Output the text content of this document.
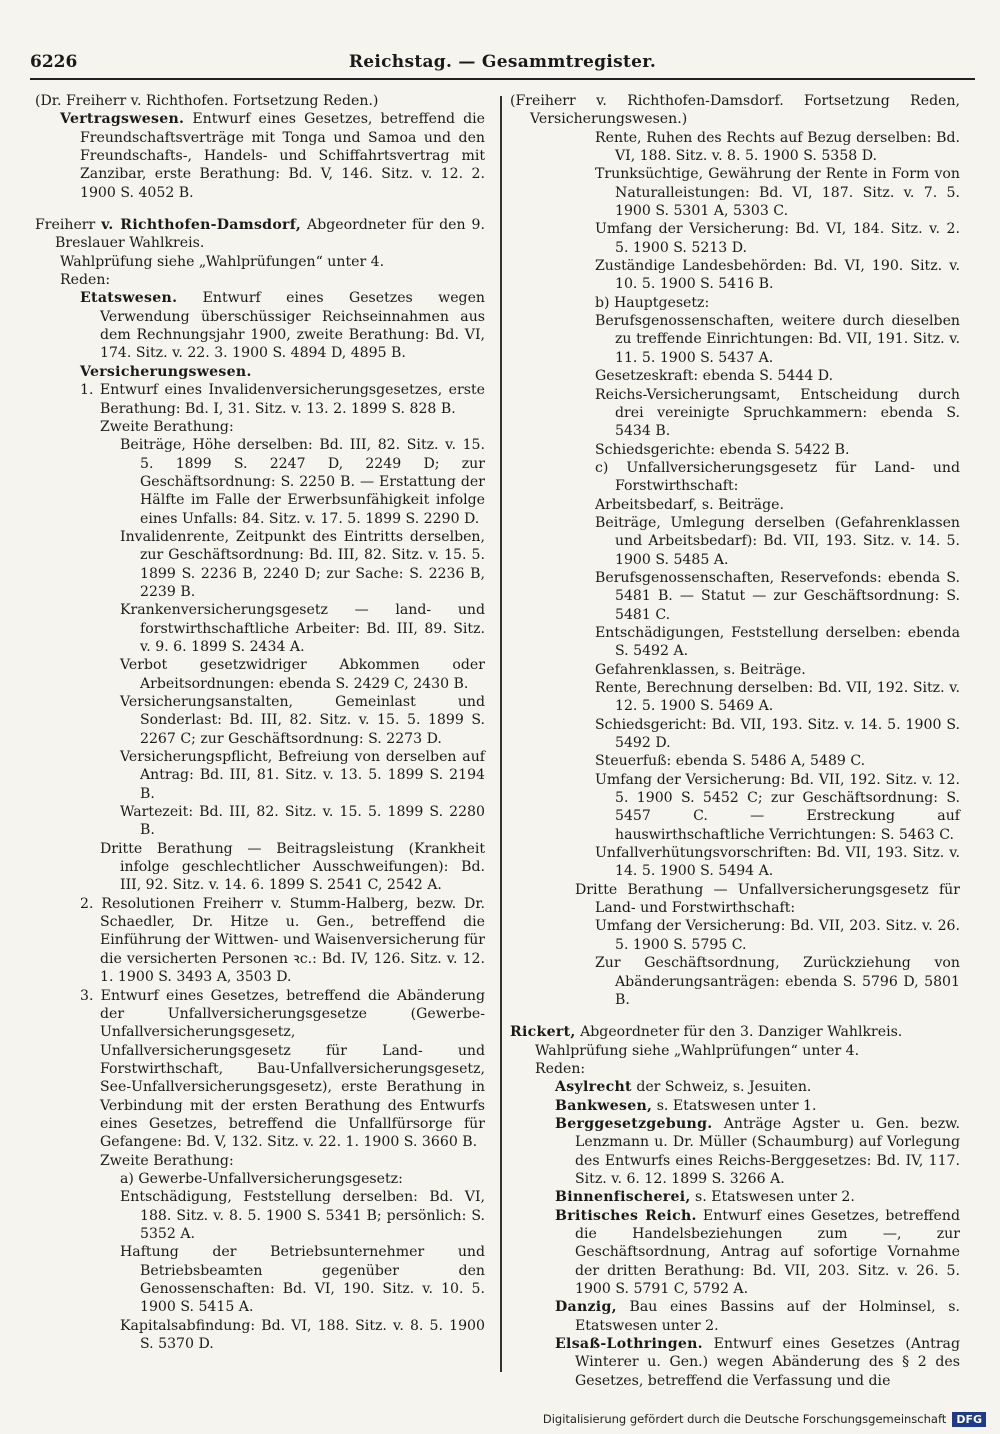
6226	Reichstag. — Gesammtregister.

(Dr. Freiherr v. Richthofen. Fortsetzung Reden.)

Vertragswesen. Entwurf eines Gesetzes, betreffend die Freundschaftsverträge mit Tonga und Samoa und den Freundschafts-, Handels- und Schiffahrtsvertrag mit Zanzibar, erste Berathung: Bd. V, 146. Sitz. v. 12. 2. 1900 S. 4052 B.

Freiherr v. Richthofen-Damsdorf, Abgeordneter für den 9. Breslauer Wahlkreis.

Wahlprüfung siehe „Wahlprüfungen“ unter 4.

Reden:

Etatswesen. Entwurf eines Gesetzes wegen Verwendung überschüssiger Reichseinnahmen aus dem Rechnungsjahr 1900, zweite Berathung: Bd. VI, 174. Sitz. v. 22. 3. 1900 S. 4894 D, 4895 B.

Versicherungswesen.

1. Entwurf eines Invalidenversicherungsgesetzes, erste Berathung: Bd. I, 31. Sitz. v. 13. 2. 1899 S. 828 B.

Zweite Berathung:

Beiträge, Höhe derselben: Bd. III, 82. Sitz. v. 15. 5. 1899 S. 2247 D, 2249 D; zur Geschäftsordnung: S. 2250 B. — Erstattung der Hälfte im Falle der Erwerbsunfähigkeit infolge eines Unfalls: 84. Sitz. v. 17. 5. 1899 S. 2290 D.

Invalidenrente, Zeitpunkt des Eintritts derselben, zur Geschäftsordnung: Bd. III, 82. Sitz. v. 15. 5. 1899 S. 2236 B, 2240 D; zur Sache: S. 2236 B, 2239 B.

Krankenversicherungsgesetz — land- und forstwirthschaftliche Arbeiter: Bd. III, 89. Sitz. v. 9. 6. 1899 S. 2434 A.

Verbot gesetzwidriger Abkommen oder Arbeitsordnungen: ebenda S. 2429 C, 2430 B.

Versicherungsanstalten, Gemeinlast und Sonderlast: Bd. III, 82. Sitz. v. 15. 5. 1899 S. 2267 C; zur Geschäftsordnung: S. 2273 D.

Versicherungspflicht, Befreiung von derselben auf Antrag: Bd. III, 81. Sitz. v. 13. 5. 1899 S. 2194 B.

Wartezeit: Bd. III, 82. Sitz. v. 15. 5. 1899 S. 2280 B.

Dritte Berathung — Beitragsleistung (Krankheit infolge geschlechtlicher Ausschweifungen): Bd. III, 92. Sitz. v. 14. 6. 1899 S. 2541 C, 2542 A.

2. Resolutionen Freiherr v. Stumm-Halberg, bezw. Dr. Schaedler, Dr. Hitze u. Gen., betreffend die Einführung der Wittwen- und Waisenversicherung für die versicherten Personen ꝛc.: Bd. IV, 126. Sitz. v. 12. 1. 1900 S. 3493 A, 3503 D.

3. Entwurf eines Gesetzes, betreffend die Abänderung der Unfallversicherungsgesetze (Gewerbe-Unfallversicherungsgesetz, Unfallversicherungsgesetz für Land- und Forstwirthschaft, Bau-Unfallversicherungsgesetz, See-Unfallversicherungsgesetz), erste Berathung in Verbindung mit der ersten Berathung des Entwurfs eines Gesetzes, betreffend die Unfallfürsorge für Gefangene: Bd. V, 132. Sitz. v. 22. 1. 1900 S. 3660 B.

Zweite Berathung:

a) Gewerbe-Unfallversicherungsgesetz:

Entschädigung, Feststellung derselben: Bd. VI, 188. Sitz. v. 8. 5. 1900 S. 5341 B; persönlich: S. 5352 A.

Haftung der Betriebsunternehmer und Betriebsbeamten gegenüber den Genossenschaften: Bd. VI, 190. Sitz. v. 10. 5. 1900 S. 5415 A.

Kapitalsabfindung: Bd. VI, 188. Sitz. v. 8. 5. 1900 S. 5370 D.

(Freiherr v. Richthofen-Damsdorf. Fortsetzung Reden, Versicherungswesen.)

Rente, Ruhen des Rechts auf Bezug derselben: Bd. VI, 188. Sitz. v. 8. 5. 1900 S. 5358 D.

Trunksüchtige, Gewährung der Rente in Form von Naturalleistungen: Bd. VI, 187. Sitz. v. 7. 5. 1900 S. 5301 A, 5303 C.

Umfang der Versicherung: Bd. VI, 184. Sitz. v. 2. 5. 1900 S. 5213 D.

Zuständige Landesbehörden: Bd. VI, 190. Sitz. v. 10. 5. 1900 S. 5416 B.

b) Hauptgesetz:

Berufsgenossenschaften, weitere durch dieselben zu treffende Einrichtungen: Bd. VII, 191. Sitz. v. 11. 5. 1900 S. 5437 A.

Gesetzeskraft: ebenda S. 5444 D.

Reichs-Versicherungsamt, Entscheidung durch drei vereinigte Spruchkammern: ebenda S. 5434 B.

Schiedsgerichte: ebenda S. 5422 B.

c) Unfallversicherungsgesetz für Land- und Forstwirthschaft:

Arbeitsbedarf, s. Beiträge.

Beiträge, Umlegung derselben (Gefahrenklassen und Arbeitsbedarf): Bd. VII, 193. Sitz. v. 14. 5. 1900 S. 5485 A.

Berufsgenossenschaften, Reservefonds: ebenda S. 5481 B. — Statut — zur Geschäftsordnung: S. 5481 C.

Entschädigungen, Feststellung derselben: ebenda S. 5492 A.

Gefahrenklassen, s. Beiträge.

Rente, Berechnung derselben: Bd. VII, 192. Sitz. v. 12. 5. 1900 S. 5469 A.

Schiedsgericht: Bd. VII, 193. Sitz. v. 14. 5. 1900 S. 5492 D.

Steuerfuß: ebenda S. 5486 A, 5489 C.

Umfang der Versicherung: Bd. VII, 192. Sitz. v. 12. 5. 1900 S. 5452 C; zur Geschäftsordnung: S. 5457 C. — Erstreckung auf hauswirthschaftliche Verrichtungen: S. 5463 C.

Unfallverhütungsvorschriften: Bd. VII, 193. Sitz. v. 14. 5. 1900 S. 5494 A.

Dritte Berathung — Unfallversicherungsgesetz für Land- und Forstwirthschaft:

Umfang der Versicherung: Bd. VII, 203. Sitz. v. 26. 5. 1900 S. 5795 C.

Zur Geschäftsordnung, Zurückziehung von Abänderungsanträgen: ebenda S. 5796 D, 5801 B.

Rickert, Abgeordneter für den 3. Danziger Wahlkreis.

Wahlprüfung siehe „Wahlprüfungen“ unter 4.

Reden:

Asylrecht der Schweiz, s. Jesuiten.

Bankwesen, s. Etatswesen unter 1.

Berggesetzgebung. Anträge Agster u. Gen. bezw. Lenzmann u. Dr. Müller (Schaumburg) auf Vorlegung des Entwurfs eines Reichs-Berggesetzes: Bd. IV, 117. Sitz. v. 6. 12. 1899 S. 3266 A.

Binnenfischerei, s. Etatswesen unter 2.

Britisches Reich. Entwurf eines Gesetzes, betreffend die Handelsbeziehungen zum —, zur Geschäftsordnung, Antrag auf sofortige Vornahme der dritten Berathung: Bd. VII, 203. Sitz. v. 26. 5. 1900 S. 5791 C, 5792 A.

Danzig, Bau eines Bassins auf der Holminsel, s. Etatswesen unter 2.

Elsaß-Lothringen. Entwurf eines Gesetzes (Antrag Winterer u. Gen.) wegen Abänderung des § 2 des Gesetzes, betreffend die Verfassung und die

Digitalisierung gefördert durch die Deutsche Forschungsgemeinschaft DFG
